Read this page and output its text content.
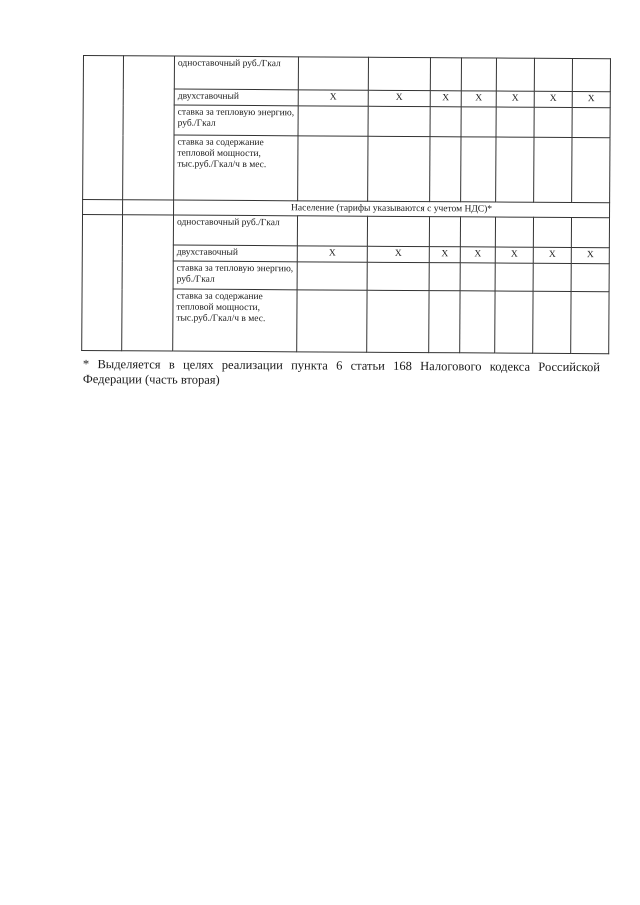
		одноставочный руб./Гкал							
		двухставочный	X	X	X	X	X	X	X
		ставка за тепловую энергию, руб./Гкал							
		ставка за содержание тепловой мощности, тыс.руб./Гкал/ч в мес.							
		Население (тарифы указываются с учетом НДС)*							
		одноставочный руб./Гкал							
		двухставочный	X	X	X	X	X	X	X
		ставка за тепловую энергию, руб./Гкал							
		ставка за содержание тепловой мощности, тыс.руб./Гкал/ч в мес.							
* Выделяется в целях реализации пункта 6 статьи 168 Налогового кодекса Российской Федерации (часть вторая)
